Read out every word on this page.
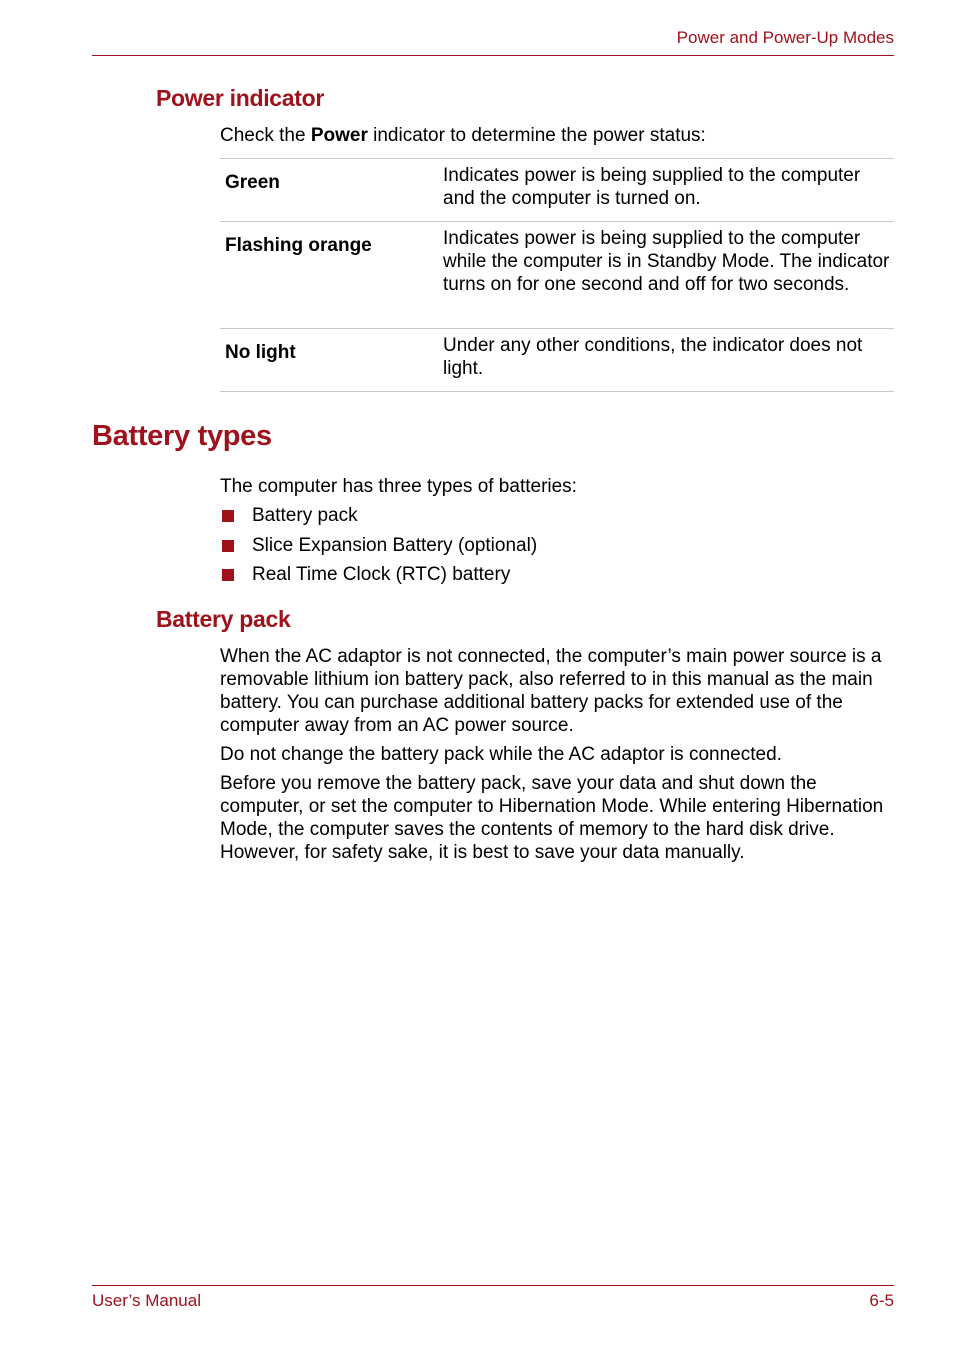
Power and Power-Up Modes
Power indicator

Check the Power indicator to determine the power status:

Green	Indicates power is being supplied to the computer and the computer is turned on.
Flashing orange	Indicates power is being supplied to the computer while the computer is in Standby Mode. The indicator turns on for one second and off for two seconds.
No light	Under any other conditions, the indicator does not light.
Battery types

The computer has three types of batteries:

Battery pack
Slice Expansion Battery (optional)
Real Time Clock (RTC) battery
Battery pack

When the AC adaptor is not connected, the computer’s main power source is a removable lithium ion battery pack, also referred to in this manual as the main battery. You can purchase additional battery packs for extended use of the computer away from an AC power source.

Do not change the battery pack while the AC adaptor is connected.

Before you remove the battery pack, save your data and shut down the computer, or set the computer to Hibernation Mode. While entering Hibernation Mode, the computer saves the contents of memory to the hard disk drive. However, for safety sake, it is best to save your data manually.

User’s Manual	6-5
